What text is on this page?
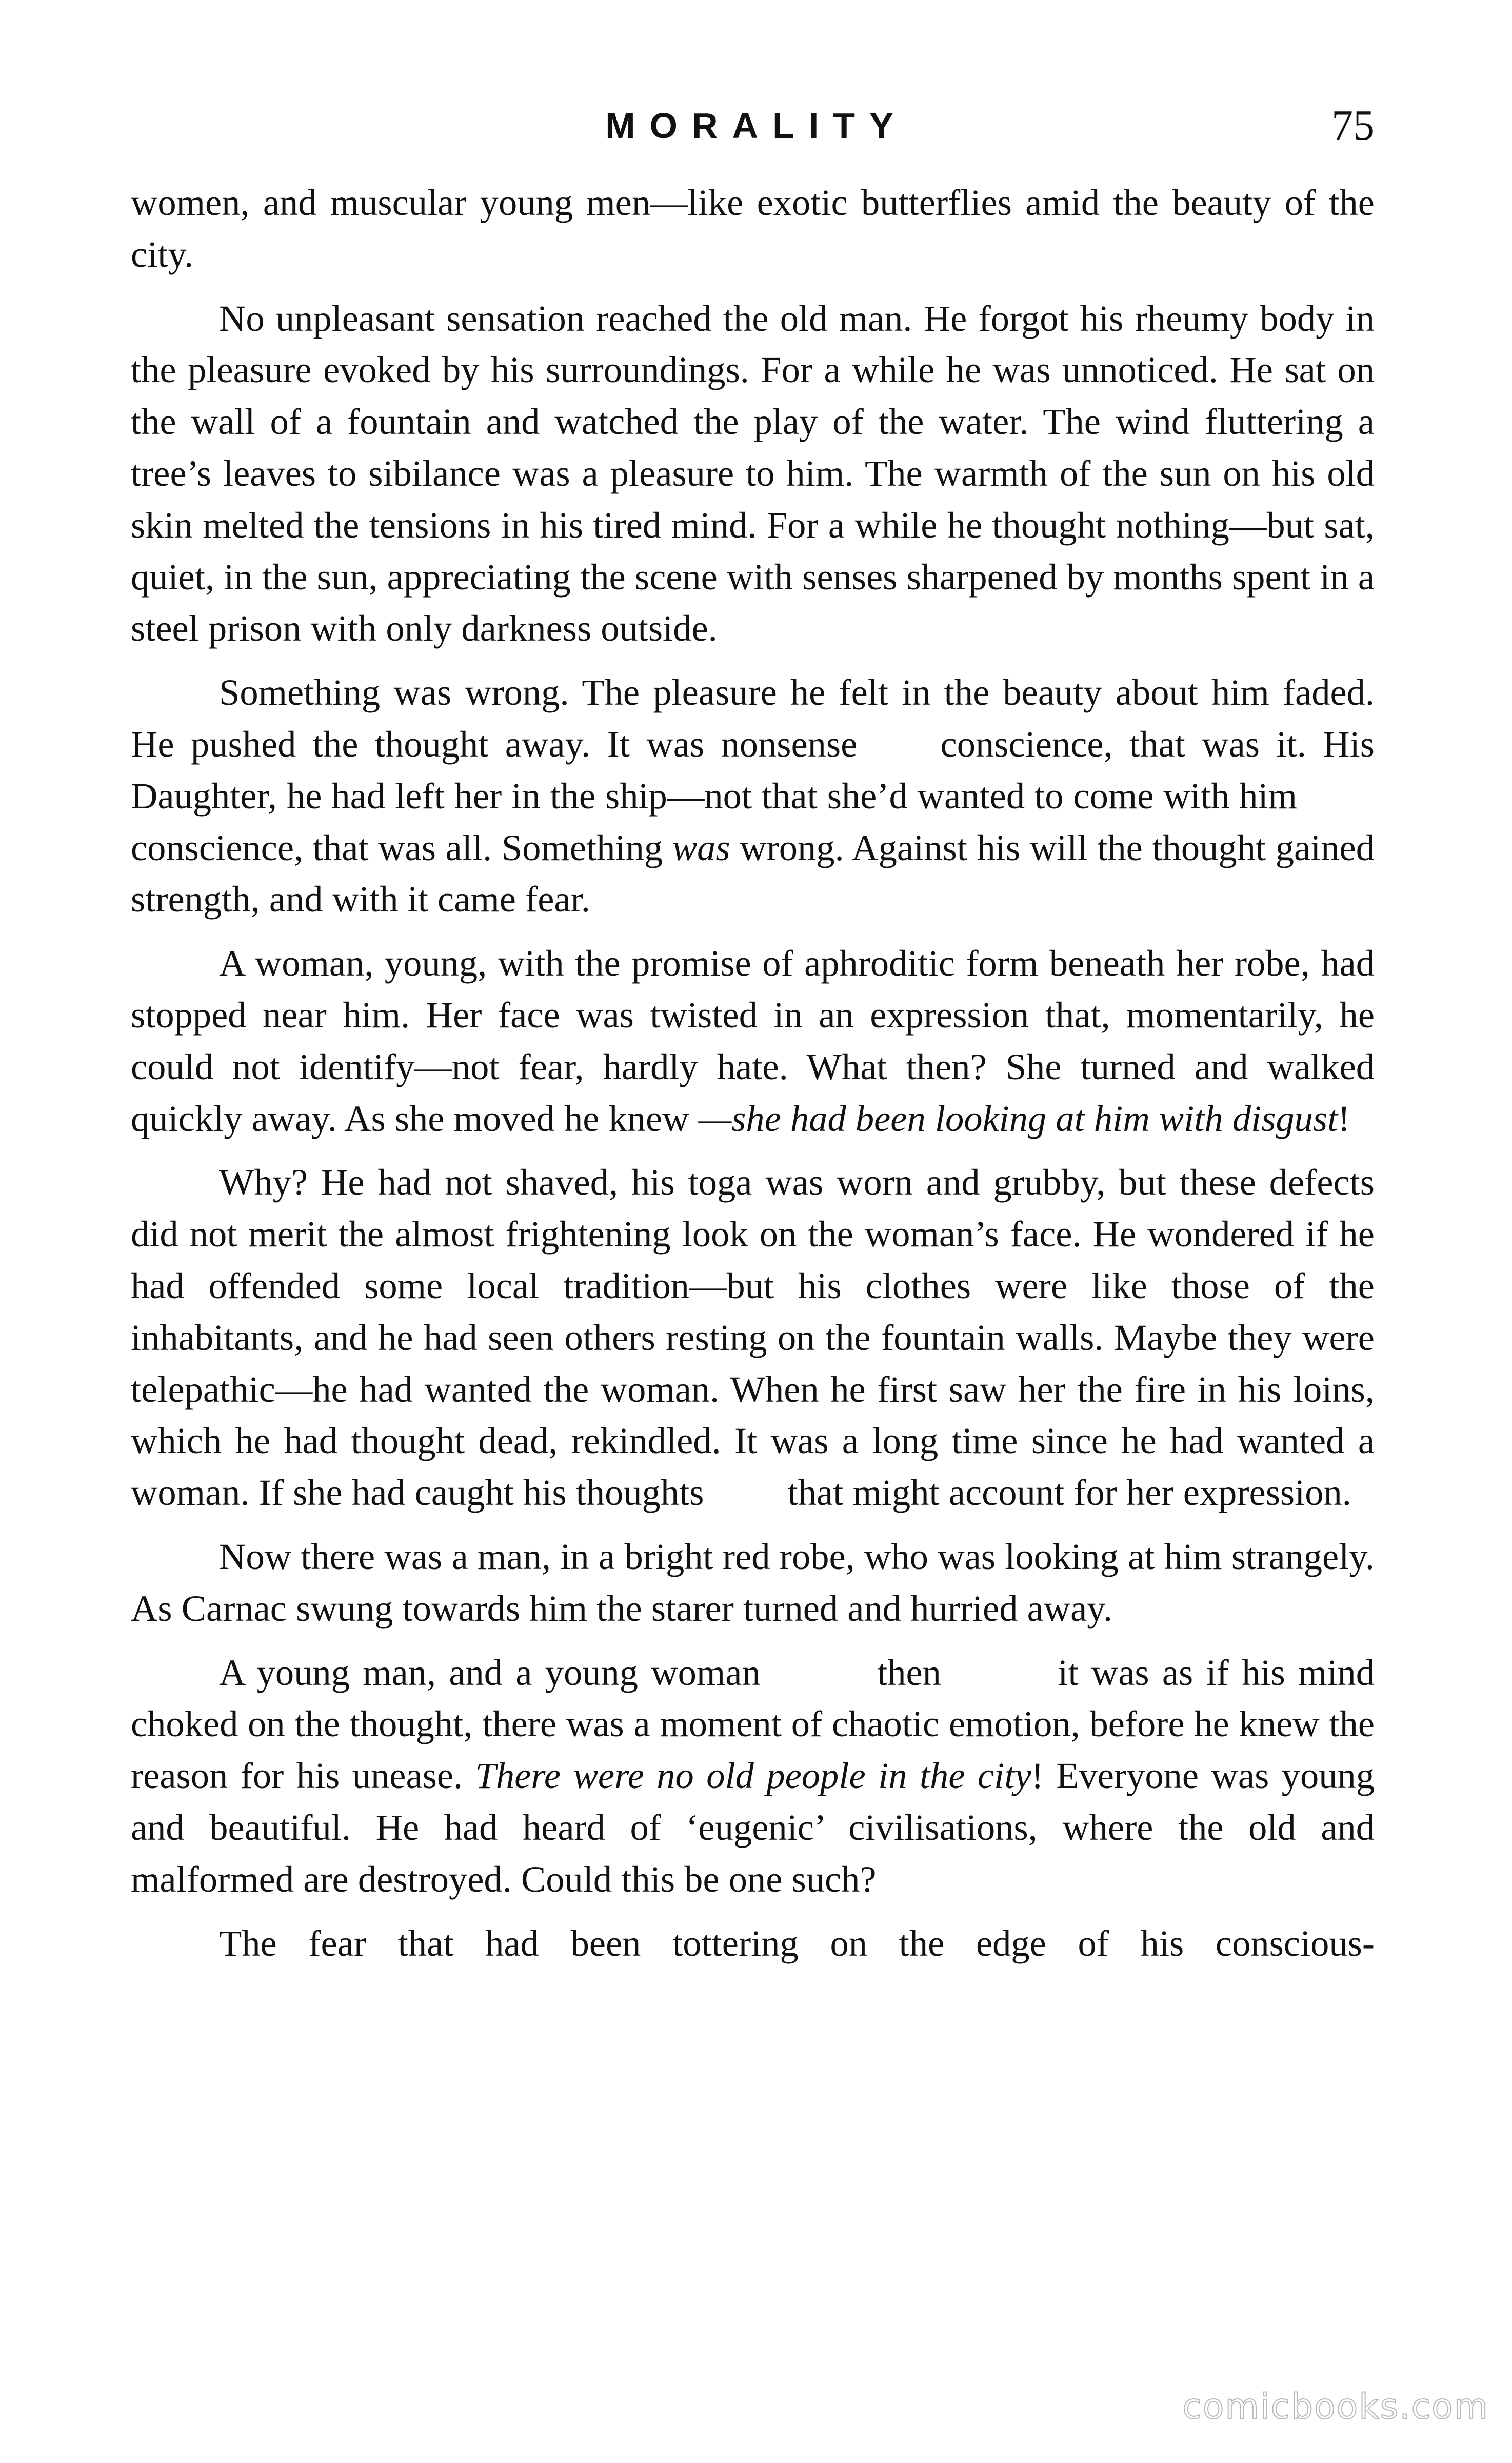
MORALITY	75

women, and muscular young men—like exotic butterflies amid the beauty of the city.

No unpleasant sensation reached the old man. He forgot his rheumy body in the pleasure evoked by his surroundings. For a while he was unnoticed. He sat on the wall of a fountain and watched the play of the water. The wind fluttering a tree’s leaves to sibilance was a pleasure to him. The warmth of the sun on his old skin melted the tensions in his tired mind. For a while he thought nothing—but sat, quiet, in the sun, appreciating the scene with senses sharpened by months spent in a steel prison with only darkness outside.

Something was wrong. The pleasure he felt in the beauty about him faded. He pushed the thought away. It was nonsense     conscience, that was it. His Daughter, he had left her in the ship—not that she’d wanted to come with him         conscience, that was all. Something was wrong. Against his will the thought gained strength, and with it came fear.

A woman, young, with the promise of aphroditic form beneath her robe, had stopped near him. Her face was twisted in an expression that, momentarily, he could not identify—not fear, hardly hate. What then? She turned and walked quickly away. As she moved he knew —she had been looking at him with disgust!

Why? He had not shaved, his toga was worn and grubby, but these defects did not merit the almost frightening look on the woman’s face. He wondered if he had offended some local tradition—but his clothes were like those of the inhabitants, and he had seen others resting on the fountain walls. Maybe they were telepathic—he had wanted the woman. When he first saw her the fire in his loins, which he had thought dead, rekindled. It was a long time since he had wanted a woman. If she had caught his thoughts         that might account for her expression.

Now there was a man, in a bright red robe, who was looking at him strangely. As Carnac swung towards him the starer turned and hurried away.

A young man, and a young woman         then         it was as if his mind choked on the thought, there was a moment of chaotic emotion, before he knew the reason for his unease. There were no old people in the city! Everyone was young and beautiful. He had heard of ‘eugenic’ civilisations, where the old and malformed are destroyed. Could this be one such?

The fear that had been tottering on the edge of his conscious-

comicbooks.com
